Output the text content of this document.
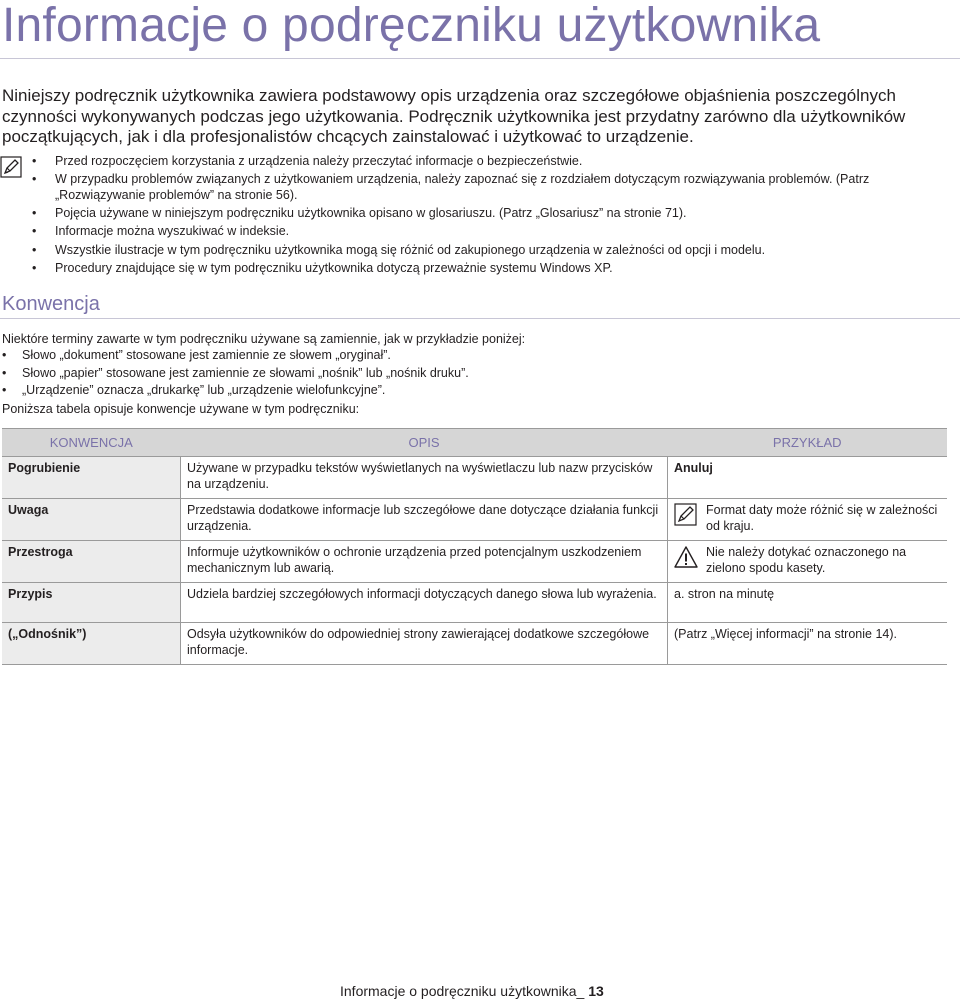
Informacje o podręczniku użytkownika

Niniejszy podręcznik użytkownika zawiera podstawowy opis urządzenia oraz szczegółowe objaśnienia poszczególnych czynności wykonywanych podczas jego użytkowania. Podręcznik użytkownika jest przydatny zarówno dla użytkowników początkujących, jak i dla profesjonalistów chcących zainstalować i użytkować to urządzenie.

• Przed rozpoczęciem korzystania z urządzenia należy przeczytać informacje o bezpieczeństwie.
• W przypadku problemów związanych z użytkowaniem urządzenia, należy zapoznać się z rozdziałem dotyczącym rozwiązywania problemów. (Patrz „Rozwiązywanie problemów” na stronie 56).
• Pojęcia używane w niniejszym podręczniku użytkownika opisano w glosariuszu. (Patrz „Glosariusz” na stronie 71).
• Informacje można wyszukiwać w indeksie.
• Wszystkie ilustracje w tym podręczniku użytkownika mogą się różnić od zakupionego urządzenia w zależności od opcji i modelu.
• Procedury znajdujące się w tym podręczniku użytkownika dotyczą przeważnie systemu Windows XP.
Konwencja

Niektóre terminy zawarte w tym podręczniku używane są zamiennie, jak w przykładzie poniżej:

• Słowo „dokument” stosowane jest zamiennie ze słowem „oryginał”.
• Słowo „papier” stosowane jest zamiennie ze słowami „nośnik” lub „nośnik druku”.
• „Urządzenie” oznacza „drukarkę” lub „urządzenie wielofunkcyjne”.

Poniższa tabela opisuje konwencje używane w tym podręczniku:

KONWENCJA	OPIS	PRZYKŁAD
Pogrubienie	Używane w przypadku tekstów wyświetlanych na wyświetlaczu lub nazw przycisków na urządzeniu.	Anuluj
Uwaga	Przedstawia dodatkowe informacje lub szczegółowe dane dotyczące działania funkcji urządzenia.	Format daty może różnić się w zależności od kraju.

Przestroga	Informuje użytkowników o ochronie urządzenia przed potencjalnym uszkodzeniem mechanicznym lub awarią.	Nie należy dotykać oznaczonego na zielono spodu kasety.

Przypis	Udziela bardziej szczegółowych informacji dotyczących danego słowa lub wyrażenia.	a. stron na minutę
(„Odnośnik”)	Odsyła użytkowników do odpowiedniej strony zawierającej dodatkowe szczegółowe informacje.	(Patrz „Więcej informacji” na stronie 14).

Informacje o podręczniku użytkownika_ 13
